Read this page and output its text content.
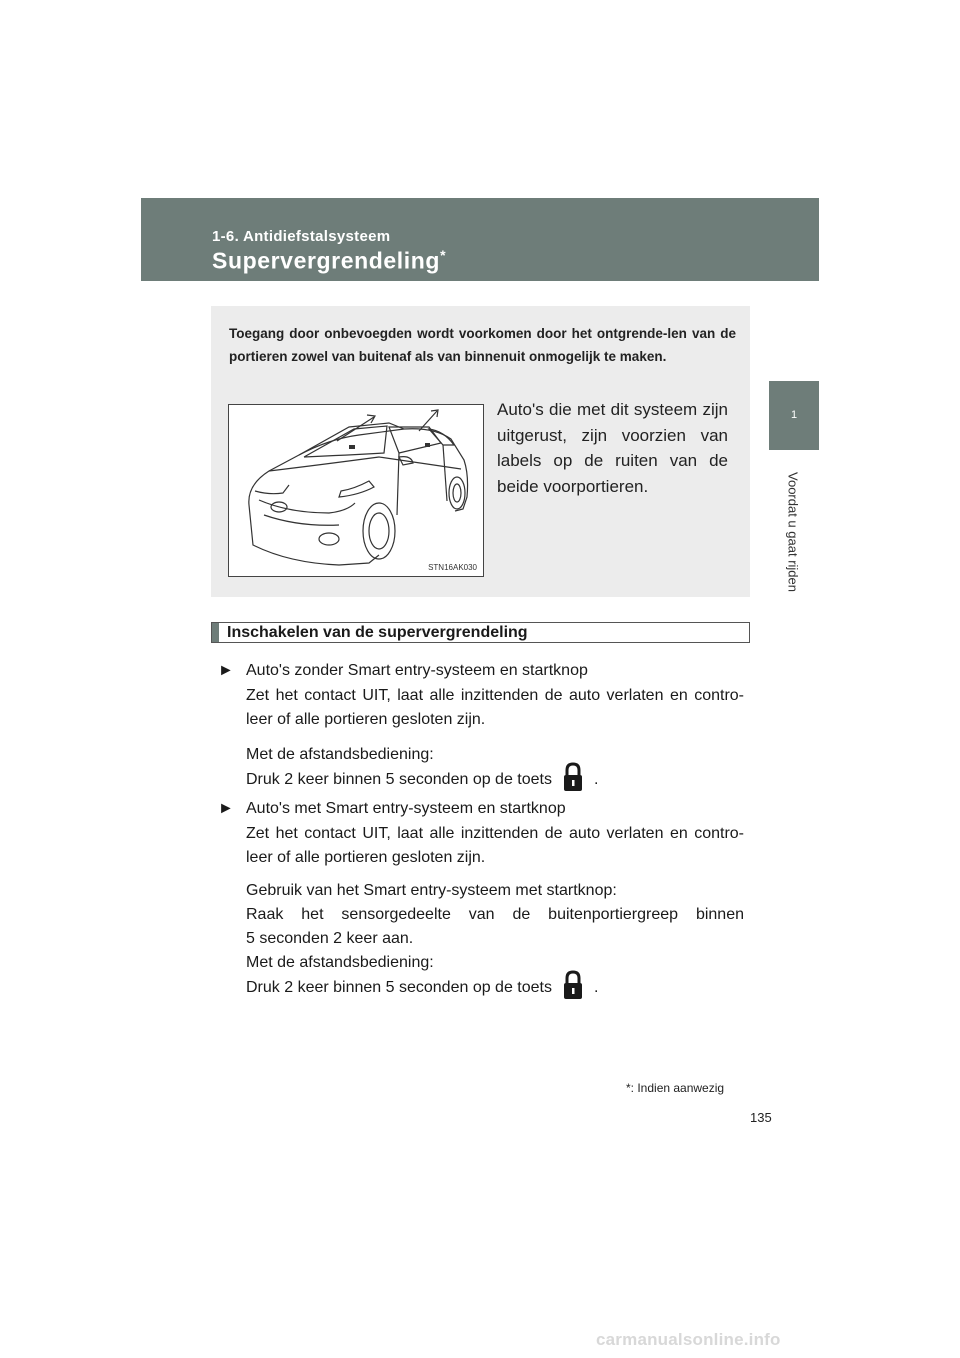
1-6. Antidiefstalsysteem
Supervergrendeling*
1
Voordat u gaat rijden
Toegang door onbevoegden wordt voorkomen door het ontgrende-len van de portieren zowel van buitenaf als van binnenuit onmogelijk te maken.
Auto's die met dit systeem zijn uitgerust, zijn voorzien van labels op de ruiten van de beide voorportieren.
STN16AK030
Inschakelen van de supervergrendeling
► Auto's zonder Smart entry-systeem en startknop
Zet het contact UIT, laat alle inzittenden de auto verlaten en contro-leer of alle portieren gesloten zijn.
Met de afstandsbediening:
Druk 2 keer binnen 5 seconden op de toets	.
► Auto's met Smart entry-systeem en startknop
Zet het contact UIT, laat alle inzittenden de auto verlaten en contro-leer of alle portieren gesloten zijn.
Gebruik van het Smart entry-systeem met startknop:
Raak het sensorgedeelte van de buitenportiergreep binnen
5 seconden 2 keer aan.
Met de afstandsbediening:
Druk 2 keer binnen 5 seconden op de toets	.
*: Indien aanwezig
135
carmanualsonline.info
